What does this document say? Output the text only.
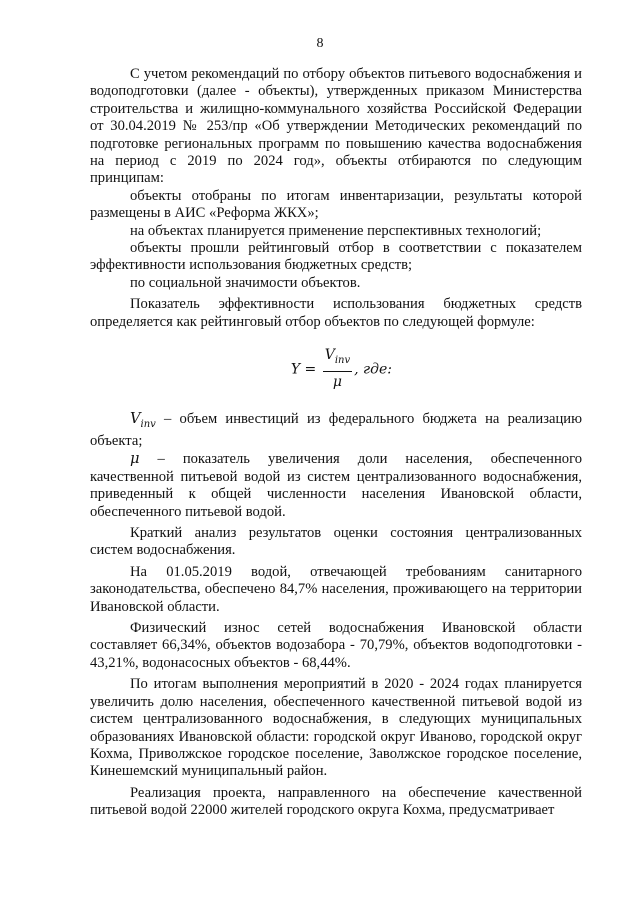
8

С учетом рекомендаций по отбору объектов питьевого водоснабжения и водоподготовки (далее - объекты), утвержденных приказом Министерства строительства и жилищно-коммунального хозяйства Российской Федерации от 30.04.2019 № 253/пр «Об утверждении Методических рекомендаций по подготовке региональных программ по повышению качества водоснабжения на период с 2019 по 2024 год», объекты отбираются по следующим принципам:

объекты отобраны по итогам инвентаризации, результаты которой размещены в АИС «Реформа ЖКХ»;

на объектах планируется применение перспективных технологий;

объекты прошли рейтинговый отбор в соответствии с показателем эффективности использования бюджетных средств;

по социальной значимости объектов.

Показатель эффективности использования бюджетных средств определяется как рейтинговый отбор объектов по следующей формуле:

$Y = \frac{V_{inv}}{\mu}$ , где:

$V_{inv}$ – объем инвестиций из федерального бюджета на реализацию объекта;

μ – показатель увеличения доли населения, обеспеченного качественной питьевой водой из систем централизованного водоснабжения, приведенный к общей численности населения Ивановской области, обеспеченного питьевой водой.

Краткий анализ результатов оценки состояния централизованных систем водоснабжения.

На 01.05.2019 водой, отвечающей требованиям санитарного законодательства, обеспечено 84,7% населения, проживающего на территории Ивановской области.

Физический износ сетей водоснабжения Ивановской области составляет 66,34%, объектов водозабора - 70,79%, объектов водоподготовки - 43,21%, водонасосных объектов - 68,44%.

По итогам выполнения мероприятий в 2020 - 2024 годах планируется увеличить долю населения, обеспеченного качественной питьевой водой из систем централизованного водоснабжения, в следующих муниципальных образованиях Ивановской области: городской округ Иваново, городской округ Кохма, Приволжское городское поселение, Заволжское городское поселение, Кинешемский муниципальный район.

Реализация проекта, направленного на обеспечение качественной питьевой водой 22000 жителей городского округа Кохма, предусматривает
